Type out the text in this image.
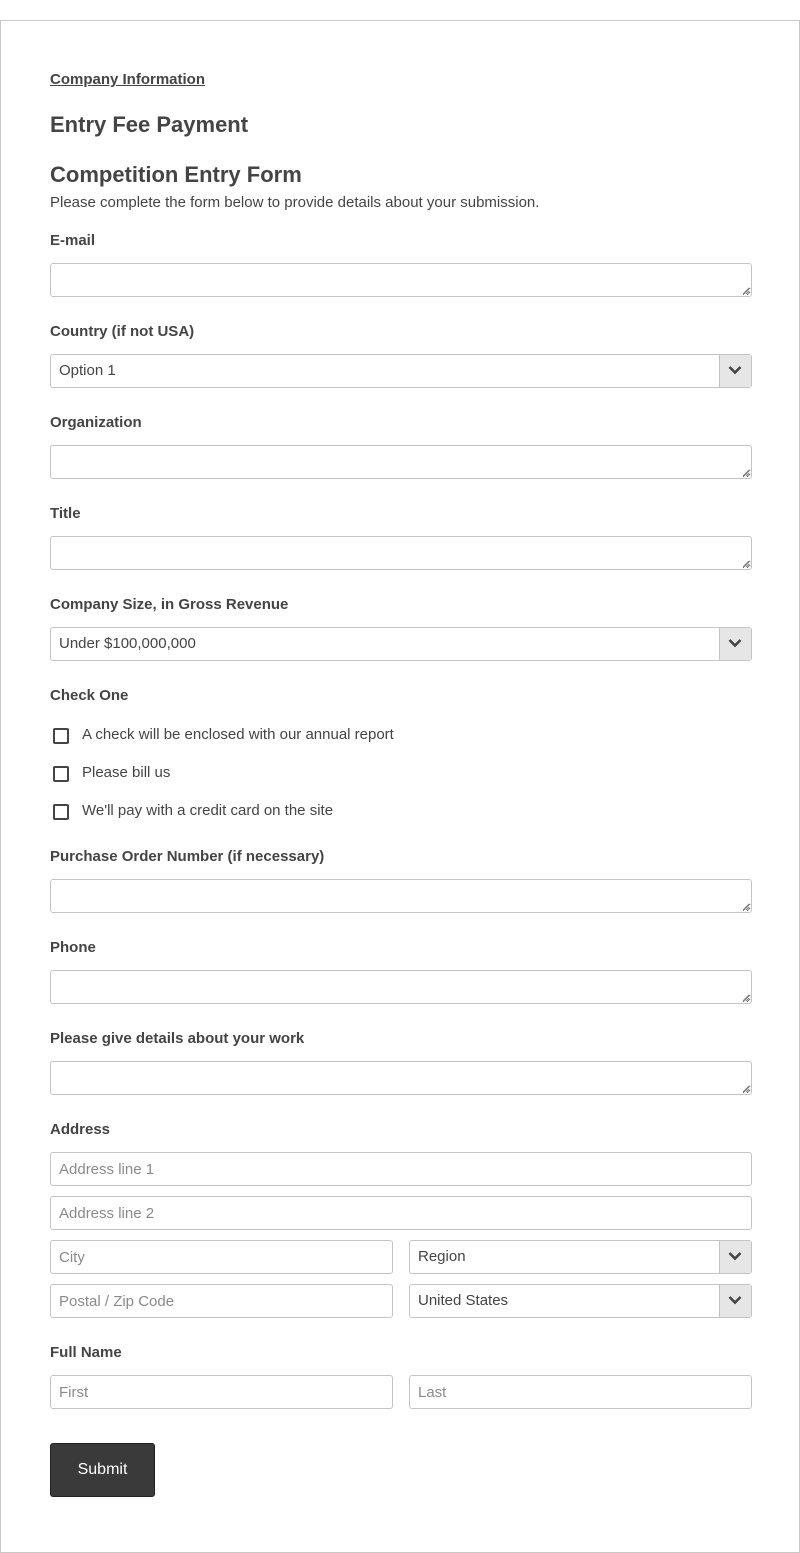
Company Information
Entry Fee Payment
Competition Entry Form
Please complete the form below to provide details about your submission.
E-mail
Country (if not USA)
Option 1
Organization
Title
Company Size, in Gross Revenue
Under $100,000,000
Check One
A check will be enclosed with our annual report
Please bill us
We'll pay with a credit card on the site
Purchase Order Number (if necessary)
Phone
Please give details about your work
Address
Address line 1
Address line 2
City
Region
Postal / Zip Code
United States
Full Name
First
Last
Submit
